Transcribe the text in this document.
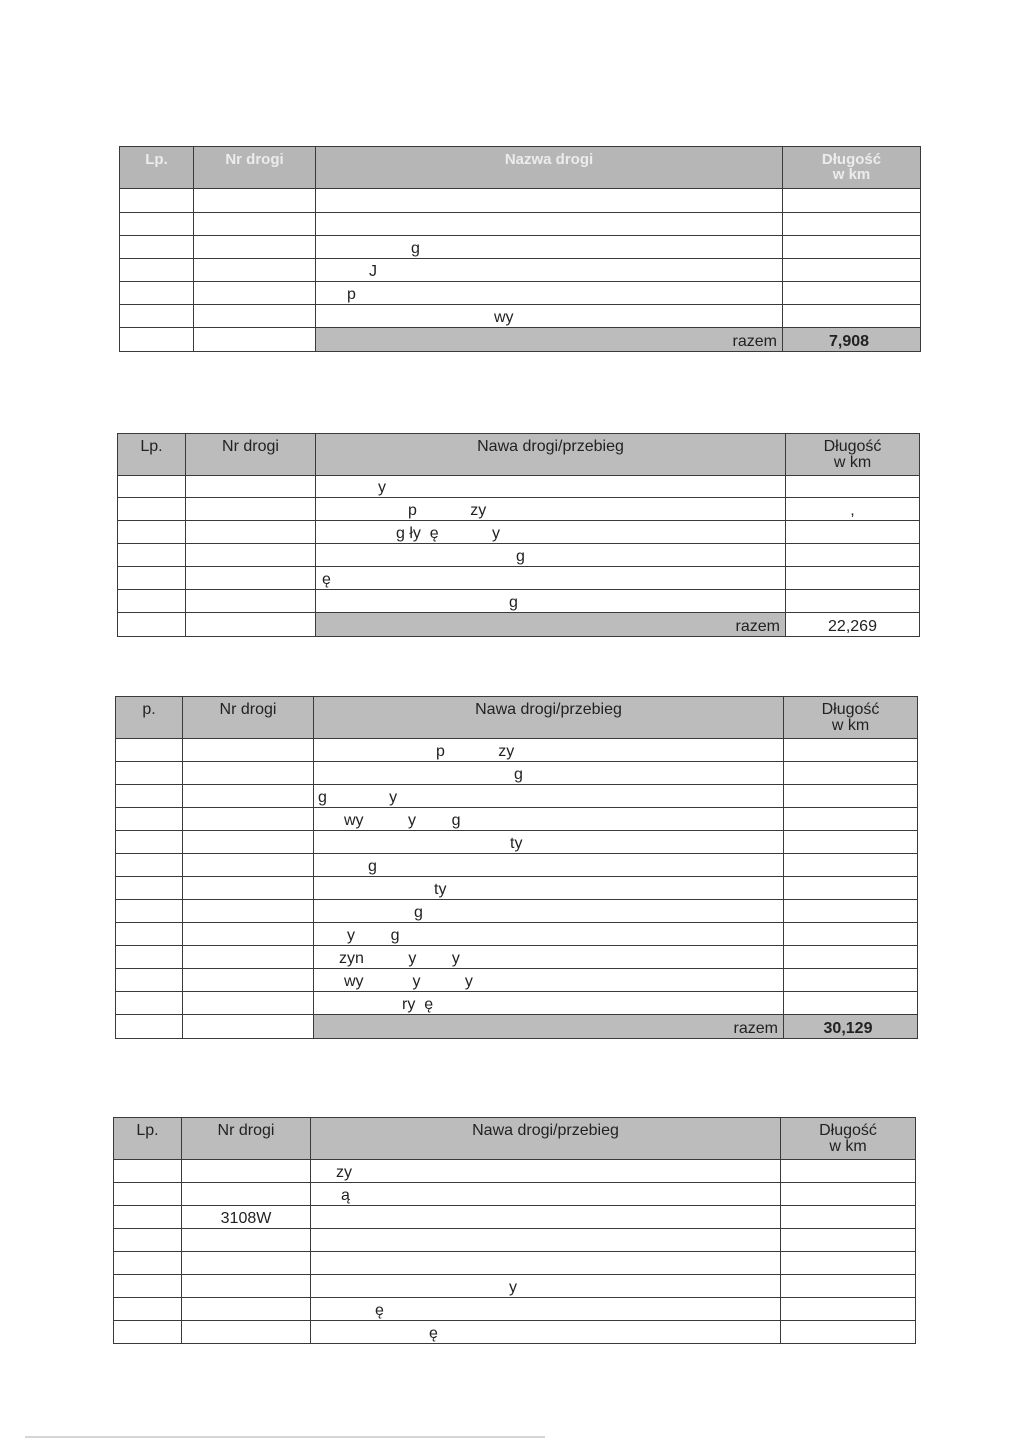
Lp.	Nr drogi	Nazwa drogi	Długość
w km

		g	

		J	

		p	

		wy	

		razem	7,908
Lp.	Nr drogi	Nawa drogi/przebieg	Długość
w km

		y	

		p            zy	,

		g ły  ę            y	

		g	

		ę	

		g	

		razem	22,269
p.	Nr drogi	Nawa drogi/przebieg	Długość
w km

		p            zy	

		g	

		g              y	

		wy          y        g	

		ty	

		g	

		ty	

		g	

		y        g	

		zyn          y        y	

		wy           y          y	

		ry  ę	

		razem	30,129
Lp.	Nr drogi	Nawa drogi/przebieg	Długość
w km

		zy	

		ą	

	3108W	

		y	

		ę	

		ę	
